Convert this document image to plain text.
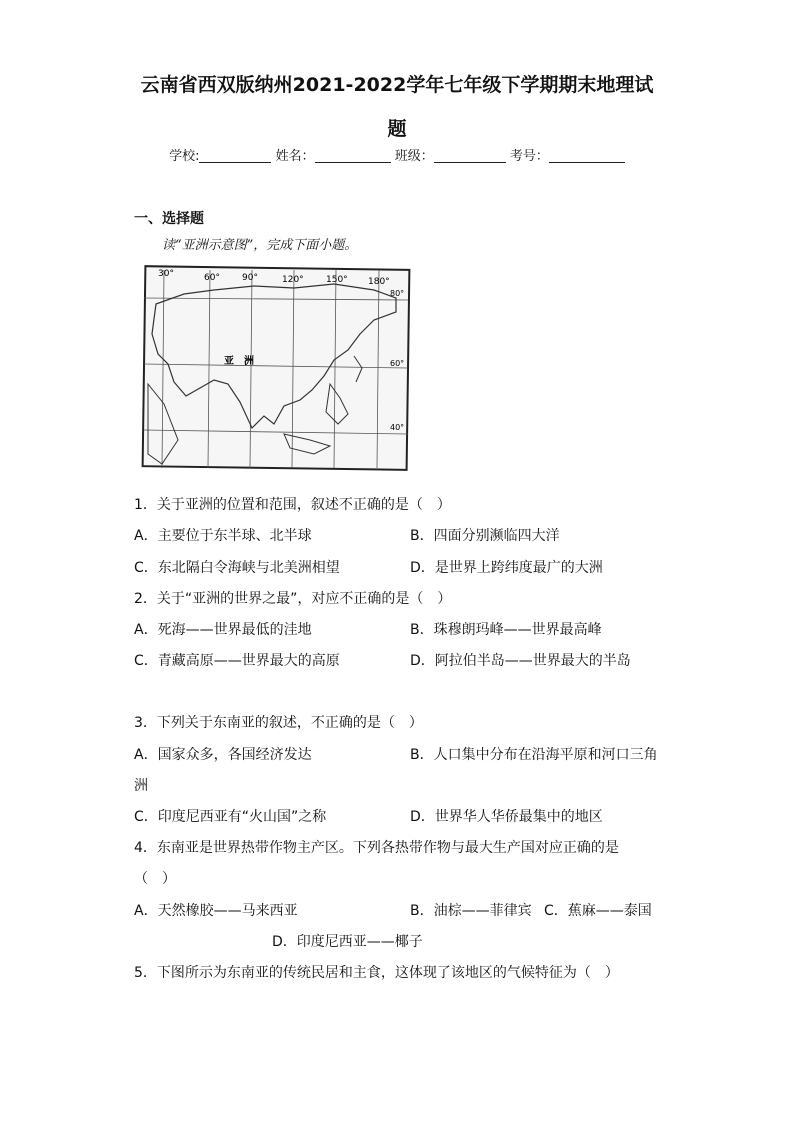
云南省西双版纳州2021-2022学年七年级下学期期末地理试
题
学校:	姓名：	班级：	考号：
一、选择题
读“亚洲示意图”，完成下面小题。
30°	60° 90°	120° 150° 180°
80°
60°
40°
亚　洲
1．关于亚洲的位置和范围，叙述不正确的是（　）
A．主要位于东半球、北半球	B．四面分别濒临四大洋
C．东北隔白令海峡与北美洲相望	D．是世界上跨纬度最广的大洲
2．关于“亚洲的世界之最”，对应不正确的是（　）
A．死海——世界最低的洼地	B．珠穆朗玛峰——世界最高峰
C．青藏高原——世界最大的高原	D．阿拉伯半岛——世界最大的半岛
3．下列关于东南亚的叙述，不正确的是（　）
A．国家众多，各国经济发达	B．人口集中分布在沿海平原和河口三角
洲
C．印度尼西亚有“火山国”之称	D．世界华人华侨最集中的地区
4．东南亚是世界热带作物主产区。下列各热带作物与最大生产国对应正确的是
（　）
A．天然橡胶——马来西亚	B．油棕——菲律宾 C．蕉麻——泰国
D．印度尼西亚——椰子
5．下图所示为东南亚的传统民居和主食，这体现了该地区的气候特征为（　）
